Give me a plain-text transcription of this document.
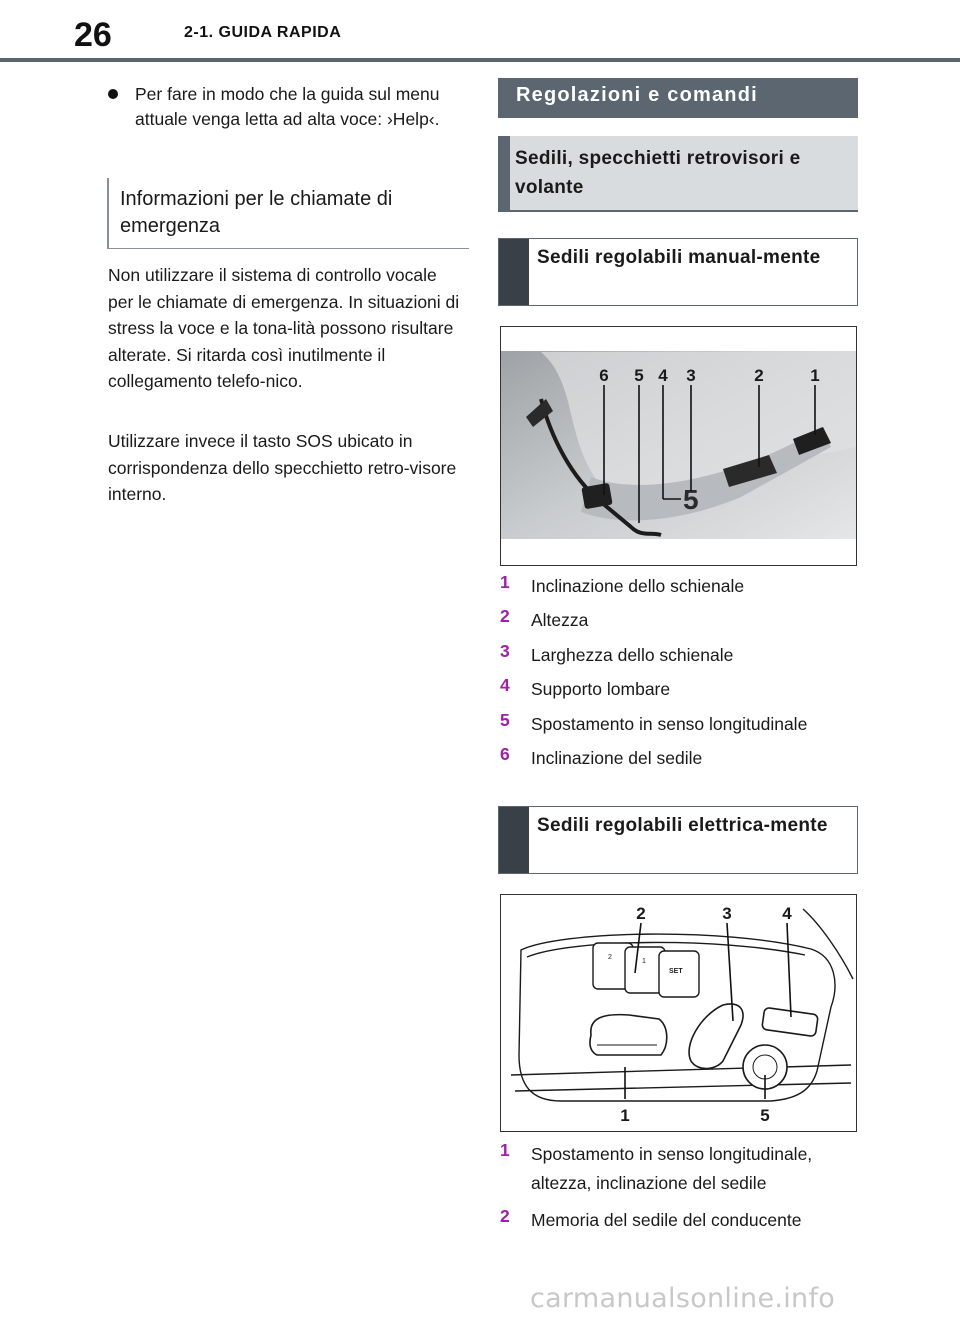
26	2-1. GUIDA RAPIDA
Per fare in modo che la guida sul menu attuale venga letta ad alta voce: ›Help‹.
Informazioni per le chiamate di emergenza
Non utilizzare il sistema di controllo vocale per le chiamate di emergenza. In situazioni di stress la voce e la tona-lità possono risultare alterate. Si ritarda così inutilmente il collegamento telefo-nico.
Utilizzare invece il tasto SOS ubicato in corrispondenza dello specchietto retro-visore interno.
Regolazioni e comandi
Sedili, specchietti retrovisori e volante
Sedili regolabili manual-mente
5
6 5 4 3	2	1
1 Inclinazione dello schienale
2 Altezza
3 Larghezza dello schienale
4 Supporto lombare
5 Spostamento in senso longitudinale
6 Inclinazione del sedile
Sedili regolabili elettrica-mente
2
1
SET
2	3	4
1	5
1 Spostamento in senso longitudinale, altezza, inclinazione del sedile
2 Memoria del sedile del conducente
carmanualsonline.info
